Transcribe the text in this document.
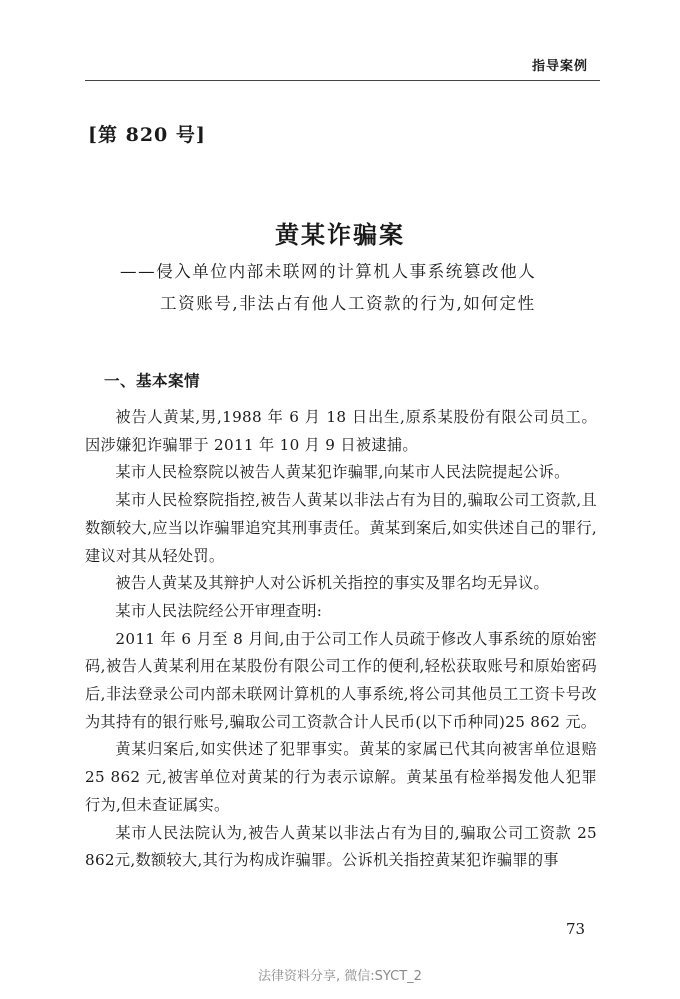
指导案例
[第 820 号]
黄某诈骗案
——侵入单位内部未联网的计算机人事系统篡改他人
工资账号,非法占有他人工资款的行为,如何定性
一、基本案情

被告人黄某,男,1988 年 6 月 18 日出生,原系某股份有限公司员工。因涉嫌犯诈骗罪于 2011 年 10 月 9 日被逮捕。

某市人民检察院以被告人黄某犯诈骗罪,向某市人民法院提起公诉。

某市人民检察院指控,被告人黄某以非法占有为目的,骗取公司工资款,且数额较大,应当以诈骗罪追究其刑事责任。黄某到案后,如实供述自己的罪行,建议对其从轻处罚。

被告人黄某及其辩护人对公诉机关指控的事实及罪名均无异议。

某市人民法院经公开审理查明:

2011 年 6 月至 8 月间,由于公司工作人员疏于修改人事系统的原始密码,被告人黄某利用在某股份有限公司工作的便利,轻松获取账号和原始密码后,非法登录公司内部未联网计算机的人事系统,将公司其他员工工资卡号改为其持有的银行账号,骗取公司工资款合计人民币(以下币种同)25 862 元。

黄某归案后,如实供述了犯罪事实。黄某的家属已代其向被害单位退赔 25 862 元,被害单位对黄某的行为表示谅解。黄某虽有检举揭发他人犯罪行为,但未查证属实。

某市人民法院认为,被告人黄某以非法占有为目的,骗取公司工资款 25 862元,数额较大,其行为构成诈骗罪。公诉机关指控黄某犯诈骗罪的事

73
法律资料分享, 微信:SYCT_2
